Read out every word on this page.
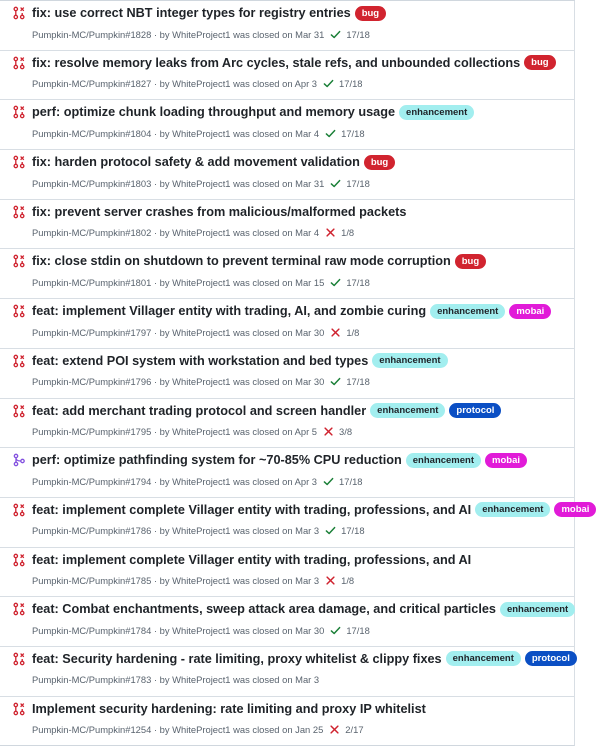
fix: use correct NBT integer types for registry entries	bug
Pumpkin-MC/Pumpkin#1828 · by WhiteProject1 was closed on Mar 31 17/18
fix: resolve memory leaks from Arc cycles, stale refs, and unbounded collections	bug
Pumpkin-MC/Pumpkin#1827 · by WhiteProject1 was closed on Apr 3 17/18
perf: optimize chunk loading throughput and memory usage	enhancement
Pumpkin-MC/Pumpkin#1804 · by WhiteProject1 was closed on Mar 4 17/18
fix: harden protocol safety & add movement validation	bug
Pumpkin-MC/Pumpkin#1803 · by WhiteProject1 was closed on Mar 31 17/18
fix: prevent server crashes from malicious/malformed packets
Pumpkin-MC/Pumpkin#1802 · by WhiteProject1 was closed on Mar 4 1/8
fix: close stdin on shutdown to prevent terminal raw mode corruption	bug
Pumpkin-MC/Pumpkin#1801 · by WhiteProject1 was closed on Mar 15 17/18
feat: implement Villager entity with trading, AI, and zombie curing	enhancement	mobai
Pumpkin-MC/Pumpkin#1797 · by WhiteProject1 was closed on Mar 30 1/8
feat: extend POI system with workstation and bed types	enhancement
Pumpkin-MC/Pumpkin#1796 · by WhiteProject1 was closed on Mar 30 17/18
feat: add merchant trading protocol and screen handler	enhancement	protocol
Pumpkin-MC/Pumpkin#1795 · by WhiteProject1 was closed on Apr 5 3/8
perf: optimize pathfinding system for ~70-85% CPU reduction	enhancement	mobai
Pumpkin-MC/Pumpkin#1794 · by WhiteProject1 was closed on Apr 3 17/18
feat: implement complete Villager entity with trading, professions, and AI	enhancement	mobai
Pumpkin-MC/Pumpkin#1786 · by WhiteProject1 was closed on Mar 3 17/18
feat: implement complete Villager entity with trading, professions, and AI
Pumpkin-MC/Pumpkin#1785 · by WhiteProject1 was closed on Mar 3 1/8
feat: Combat enchantments, sweep attack area damage, and critical particles	enhancement
Pumpkin-MC/Pumpkin#1784 · by WhiteProject1 was closed on Mar 30 17/18
feat: Security hardening - rate limiting, proxy whitelist & clippy fixes	enhancement	protocol
Pumpkin-MC/Pumpkin#1783 · by WhiteProject1 was closed on Mar 3
Implement security hardening: rate limiting and proxy IP whitelist
Pumpkin-MC/Pumpkin#1254 · by WhiteProject1 was closed on Jan 25 2/17
